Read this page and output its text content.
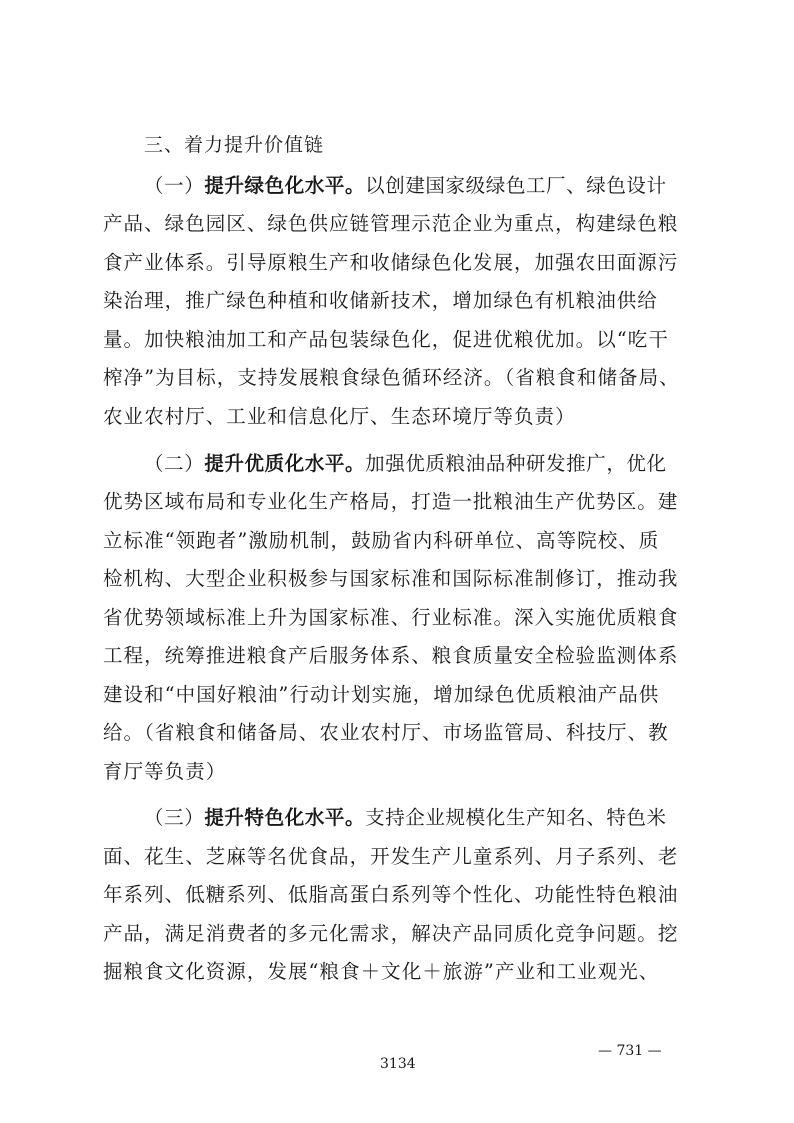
三、着力提升价值链
（一）提升绿色化水平。以创建国家级绿色工厂、绿色设计
产品、绿色园区、绿色供应链管理示范企业为重点，构建绿色粮
食产业体系。引导原粮生产和收储绿色化发展，加强农田面源污
染治理，推广绿色种植和收储新技术，增加绿色有机粮油供给
量。加快粮油加工和产品包装绿色化，促进优粮优加。以“吃干
榨净”为目标，支持发展粮食绿色循环经济。（省粮食和储备局、
农业农村厅、工业和信息化厅、生态环境厅等负责）
（二）提升优质化水平。加强优质粮油品种研发推广，优化
优势区域布局和专业化生产格局，打造一批粮油生产优势区。建
立标准“领跑者”激励机制，鼓励省内科研单位、高等院校、质
检机构、大型企业积极参与国家标准和国际标准制修订，推动我
省优势领域标准上升为国家标准、行业标准。深入实施优质粮食
工程，统筹推进粮食产后服务体系、粮食质量安全检验监测体系
建设和“中国好粮油”行动计划实施，增加绿色优质粮油产品供
给。（省粮食和储备局、农业农村厅、市场监管局、科技厅、教
育厅等负责）
（三）提升特色化水平。支持企业规模化生产知名、特色米
面、花生、芝麻等名优食品，开发生产儿童系列、月子系列、老
年系列、低糖系列、低脂高蛋白系列等个性化、功能性特色粮油
产品，满足消费者的多元化需求，解决产品同质化竞争问题。挖
掘粮食文化资源，发展“粮食＋文化＋旅游”产业和工业观光、
— 731 —
3134
